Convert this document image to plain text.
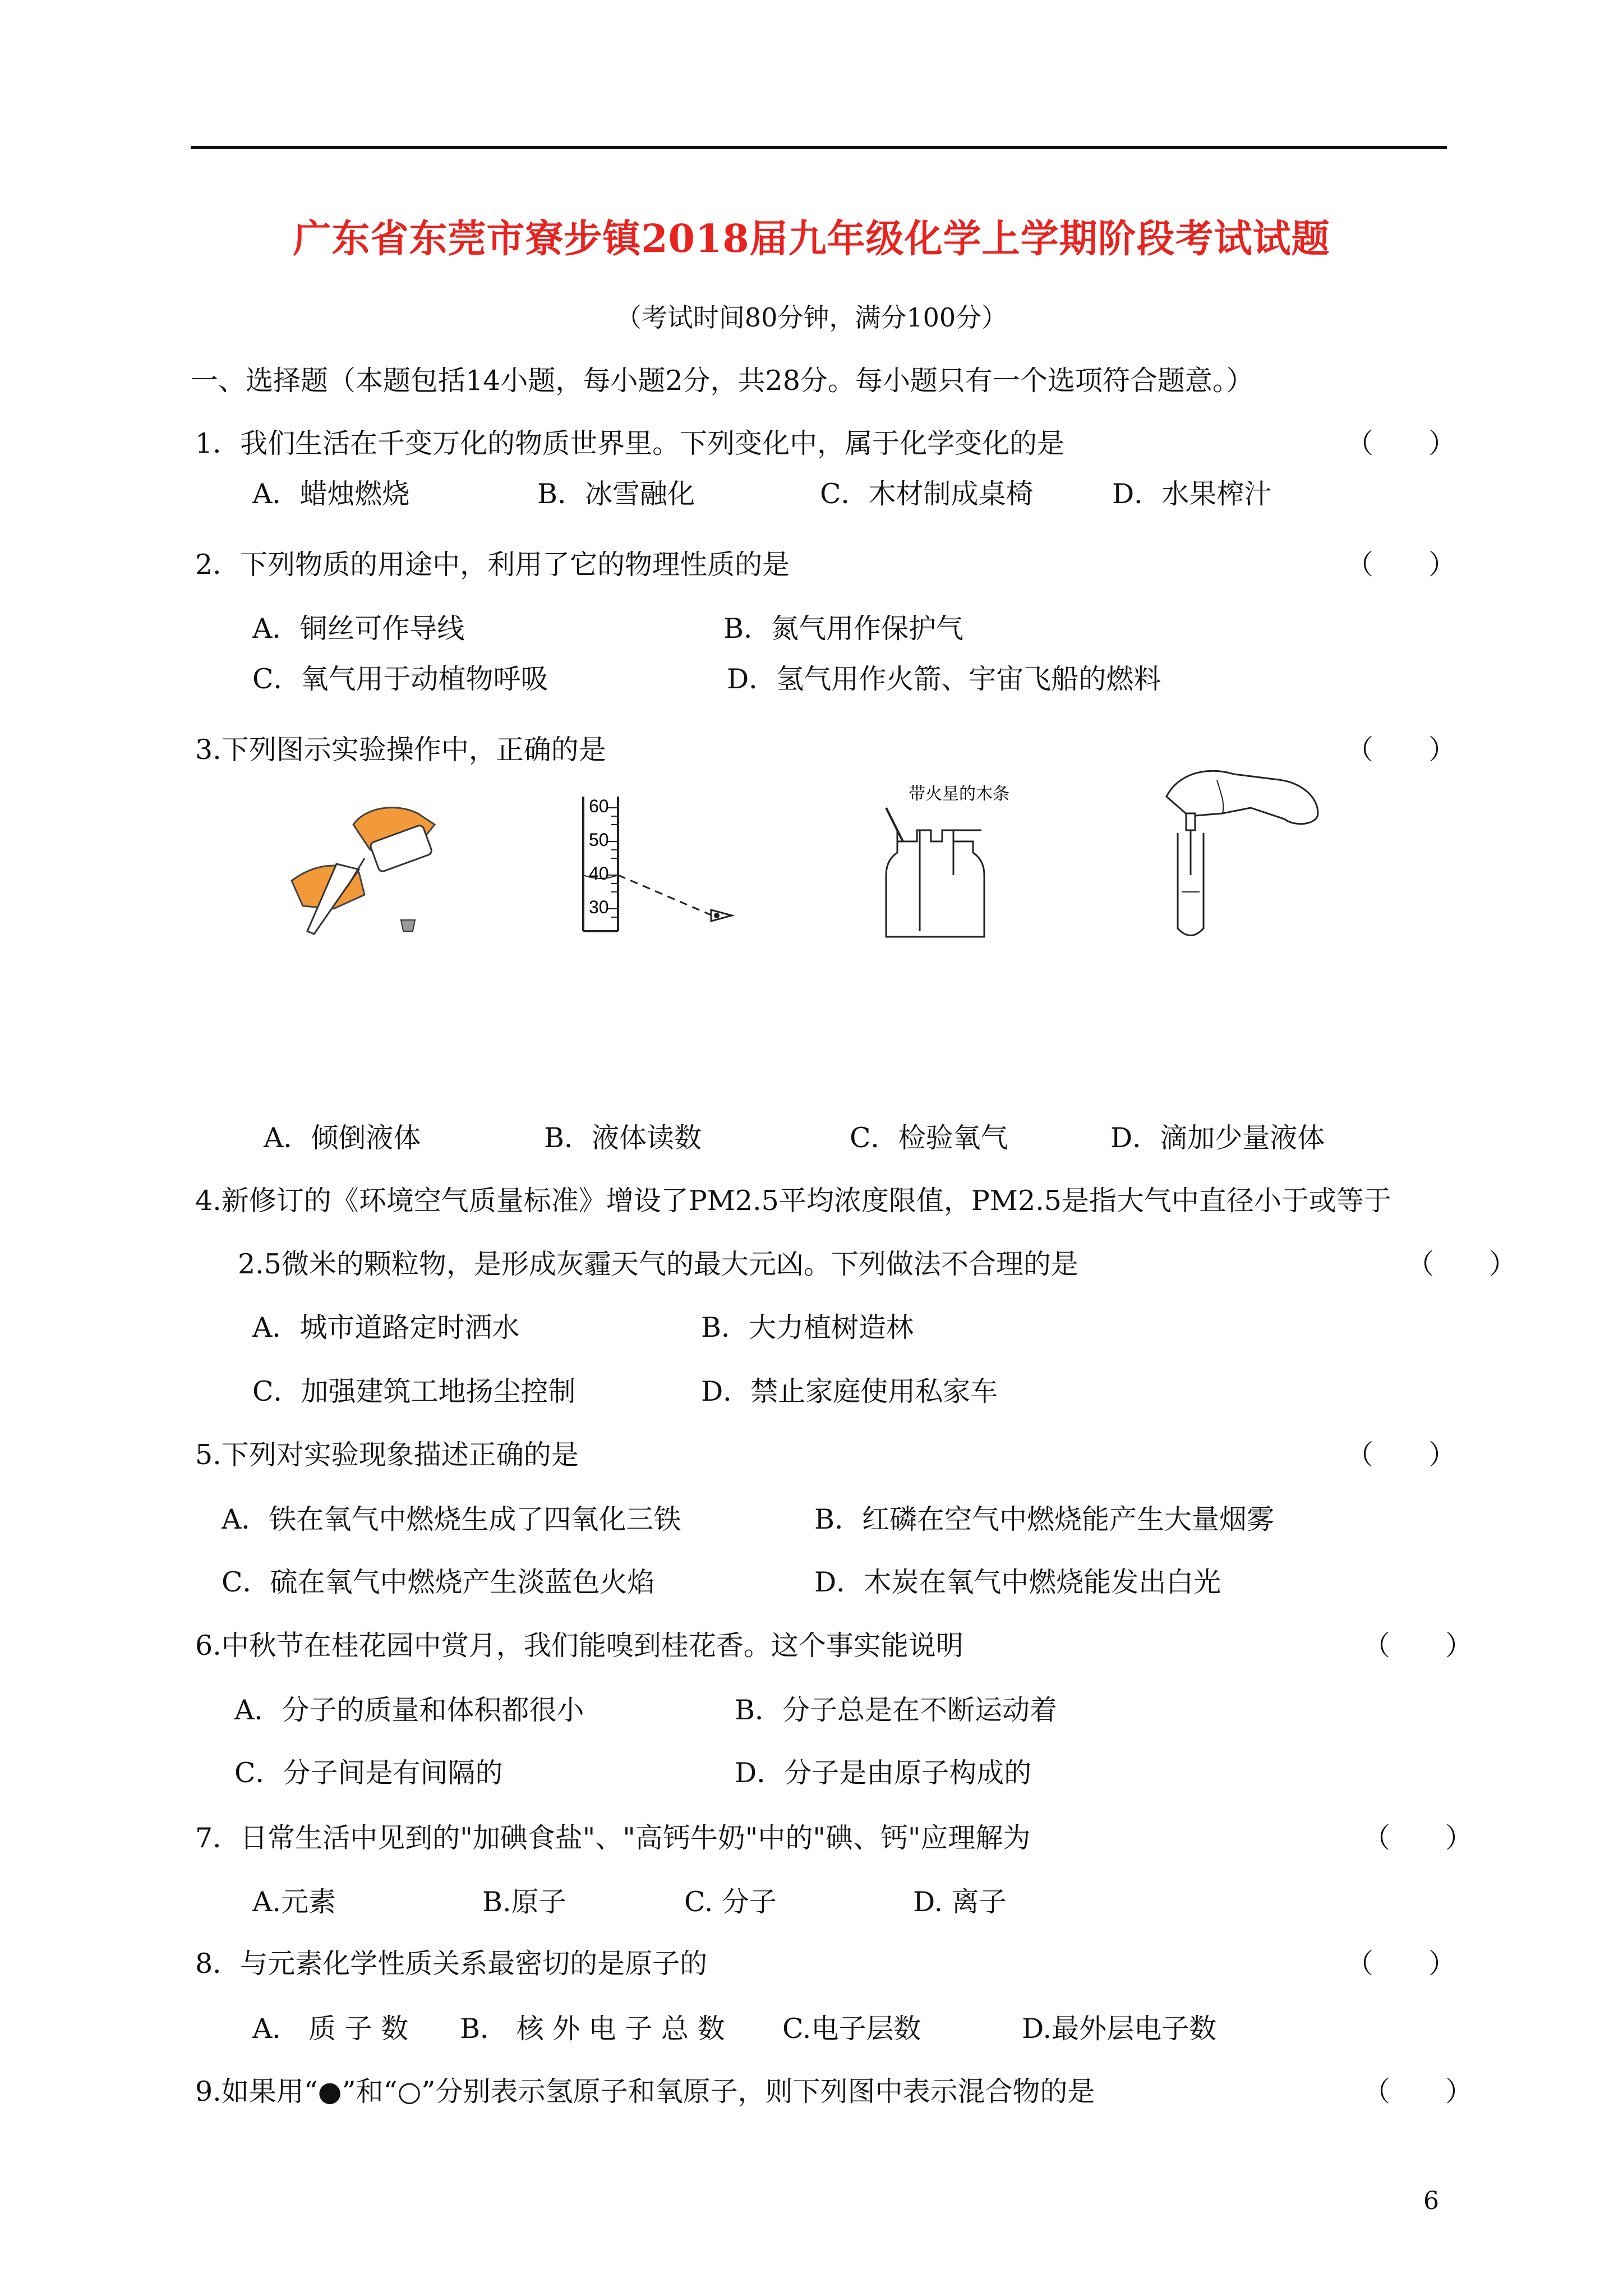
广东省东莞市寮步镇2018届九年级化学上学期阶段考试试题
（考试时间80分钟，满分100分）
一、选择题（本题包括14小题，每小题2分，共28分。每小题只有一个选项符合题意。）
1．我们生活在千变万化的物质世界里。下列变化中，属于化学变化的是	（　　）
A．蜡烛燃烧	B．冰雪融化	C．木材制成桌椅	D．水果榨汁
2．下列物质的用途中，利用了它的物理性质的是	（　　）
A．铜丝可作导线	B．氮气用作保护气
C．氧气用于动植物呼吸	D．氢气用作火箭、宇宙飞船的燃料
3.下列图示实验操作中，正确的是	（　　）
60
50
40
30
带火星的木条
A．倾倒液体	B．液体读数	C．检验氧气	D．滴加少量液体
4.新修订的《环境空气质量标准》增设了PM2.5平均浓度限值，PM2.5是指大气中直径小于或等于
2.5微米的颗粒物，是形成灰霾天气的最大元凶。下列做法不合理的是	（　　）
A．城市道路定时洒水	B．大力植树造林
C．加强建筑工地扬尘控制	D．禁止家庭使用私家车
5.下列对实验现象描述正确的是	（　　）
A．铁在氧气中燃烧生成了四氧化三铁	B．红磷在空气中燃烧能产生大量烟雾
C．硫在氧气中燃烧产生淡蓝色火焰	D．木炭在氧气中燃烧能发出白光
6.中秋节在桂花园中赏月，我们能嗅到桂花香。这个事实能说明	（　　）
A．分子的质量和体积都很小	B．分子总是在不断运动着
C．分子间是有间隔的	D．分子是由原子构成的
7．日常生活中见到的"加碘食盐"、"高钙牛奶"中的"碘、钙"应理解为	（　　）
A.元素	B.原子	C. 分子	D. 离子
8．与元素化学性质关系最密切的是原子的	（　　）
A． 质 子 数 B． 核 外 电 子 总 数 C.电子层数	D.最外层电子数
9.如果用“●”和“○”分别表示氢原子和氧原子，则下列图中表示混合物的是	（　　）
6
